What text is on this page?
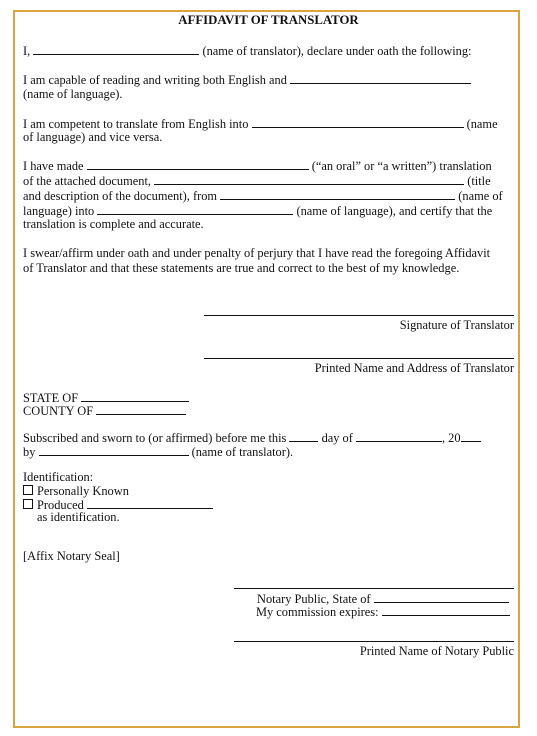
AFFIDAVIT OF TRANSLATOR
I,	(name of translator), declare under oath the following:
I am capable of reading and writing both English and
(name of language).
I am competent to translate from English into	(name
of language) and vice versa.
I have made	(“an oral” or “a written”) translation
of the attached document,	(title
and description of the document), from	(name of
language) into	(name of language), and certify that the
translation is complete and accurate.
I swear/affirm under oath and under penalty of perjury that I have read the foregoing Affidavit
of Translator and that these statements are true and correct to the best of my knowledge.
Signature of Translator
Printed Name and Address of Translator
STATE OF
COUNTY OF
Subscribed and sworn to (or affirmed) before me this	day of	, 20
by	(name of translator).
Identification:
Personally Known
Produced
as identification.
[Affix Notary Seal]
Notary Public, State of
My commission expires:
Printed Name of Notary Public
